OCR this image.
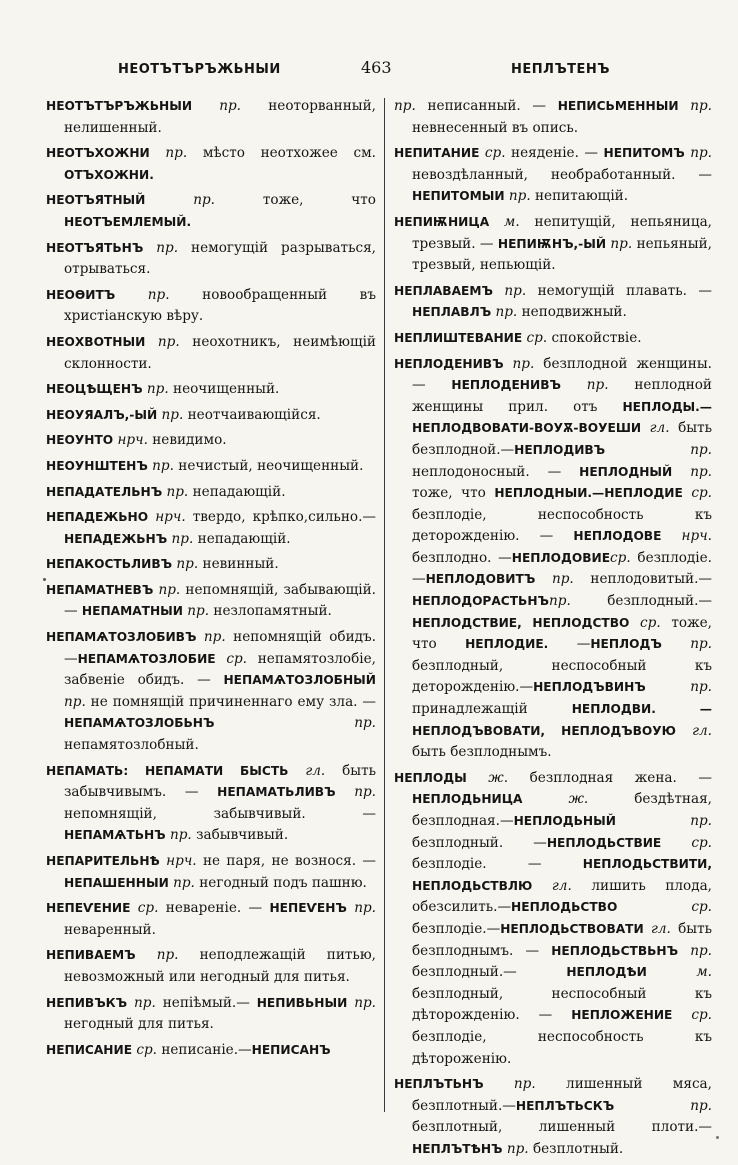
НЕОТЪТЪРЪЖЬНЫИ	463	НЕПЛЪТЕНЪ

НЕОТЪТЪРЪЖЬНЫИ пр. неоторванный, нелишенный.

НЕОТЪХОЖНИ пр. мѣсто неотхожее см. ОТЪХОЖНИ.

НЕОТЪЯТНЫЙ пр. тоже, что НЕОТЪЕМЛЕМЫЙ.

НЕОТЪЯТЬНЪ пр. немогущій разрываться, отрываться.

НЕОѲИТЪ пр. новообращенный въ христіанскую вѣру.

НЕОХВОТНЫИ пр. неохотникъ, неимѣющій склонности.

НЕОЦѢЩЕНЪ пр. неочищенный.

НЕОУЯАЛЪ,-ЫЙ пр. неотчаивающійся.

НЕОУНТО нрч. невидимо.

НЕОУНШТЕНЪ пр. нечистый, неочищенный.

НЕПАДАТЕЛЬНЪ пр. непадающій.

НЕПАДЕЖЬНО нрч. твердо, крѣпко,сильно.—НЕПАДЕЖЬНЪ пр. непадающій.

НЕПАКОСТЬЛИВЪ пр. невинный.

НЕПАМАТНЕВЪ пр. непомнящій, забывающій. — НЕПАМАТНЫИ пр. незлопамятный.

НЕПАМѦТОЗЛОБИВЪ пр. непомнящій обидъ.—НЕПАМѦТОЗЛОБИЕ ср. непамятозлобіе, забвеніе обидъ. — НЕПАМѦТОЗЛОБНЫЙ пр. не помнящій причиненнаго ему зла. — НЕПАМѦТОЗЛОБЬНЪ пр. непамятозлобный.

НЕПАМАТЬ: НЕПАМАТИ БЫСТЬ гл. быть забывчивымъ. — НЕПАМАТЬЛИВЪ пр. непомнящій, забывчивый. — НЕПАМѦТЬНЪ пр. забывчивый.

НЕПАРИТЕЛЬНѢ нрч. не паря, не вознося. — НЕПАШЕННЫИ пр. негодный подъ пашню.

НЕПЕѴЕНИЕ ср. невареніе. — НЕПЕѴЕНЪ пр. неваренный.

НЕПИВАЕМЪ пр. неподлежащій питью, невозможный или негодный для питья.

НЕПИВЪКЪ пр. непіѣмый.— НЕПИВЬНЫИ пр. негодный для питья.

НЕПИСАНИЕ ср. неписаніе.—НЕПИСАНЪ

пр. неписанный. — НЕПИСЬМЕННЫИ пр. невнесенный въ опись.

НЕПИТАНИЕ ср. неяденіе. — НЕПИТОМЪ пр. невоздѣланный, необработанный. — НЕПИТОМЫИ пр. непитающій.

НЕПИѬНИЦА м. непитущій, непьяница, трезвый. — НЕПИѬНЪ,-ЫЙ пр. непьяный, трезвый, непьющій.

НЕПЛАВАЕМЪ пр. немогущій плавать. —НЕПЛАВЛЪ пр. неподвижный.

НЕПЛИШТЕВАНИЕ ср. спокойствіе.

НЕПЛОДЕНИВЪ пр. безплодной женщины. — НЕПЛОДЕНИВЪ пр. неплодной женщины прил. отъ НЕПЛОДЫ.—НЕПЛОДВОВАТИ-ВОУѪ-ВОУЕШИ гл. быть безплодной.—НЕПЛОДИВЪ пр. неплодоносный. — НЕПЛОДНЫЙ пр. тоже, что НЕПЛОДНЫИ.—НЕПЛОДИЕ ср. безплодіе, неспособность къ деторожденію. — НЕПЛОДОВЕ нрч. безплодно. —НЕПЛОДОВИЕср. безплодіе.—НЕПЛОДОВИТЪ пр. неплодовитый.—НЕПЛОДОРАСТЬНЪпр. безплодный.—НЕПЛОДСТВИЕ, НЕПЛОДСТВО ср. тоже, что НЕПЛОДИЕ. —НЕПЛОДЪ пр. безплодный, неспособный къ деторожденію.—НЕПЛОДЪВИНЪ пр. принадлежащій НЕПЛОДВИ. — НЕПЛОДЪВОВАТИ, НЕПЛОДЪВОУЮ гл. быть безплоднымъ.

НЕПЛОДЫ ж. безплодная жена. — НЕПЛОДЬНИЦА ж. бездѣтная, безплодная.—НЕПЛОДЬНЫЙ пр. безплодный. —НЕПЛОДЬСТВИЕ ср. безплодіе. — НЕПЛОДЬСТВИТИ, НЕПЛОДЬСТВЛЮ гл. лишить плода, обезсилить.—НЕПЛОДЬСТВО ср. безплодіе.—НЕПЛОДЬСТВОВАТИ гл. быть безплоднымъ. — НЕПЛОДЬСТВЬНЪ пр. безплодный.— НЕПЛОДѢИ м. безплодный, неспособный къ дѣторожденію. — НЕПЛОЖЕНИЕ ср. безплодіе, неспособность къ дѣтороженію.

НЕПЛЪТЬНЪ пр. лишенный мяса, безплотный.—НЕПЛЪТЬСКЪ пр. безплотный, лишенный плоти.—НЕПЛЪТѢНЪ пр. безплотный.
